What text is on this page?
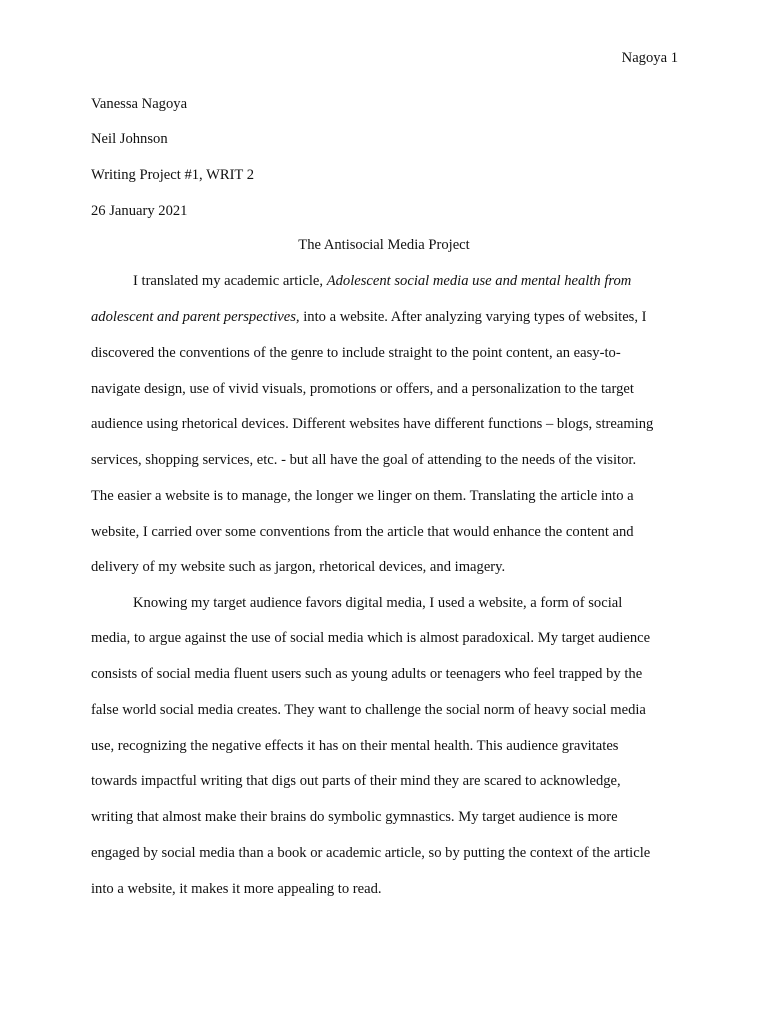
Nagoya 1
Vanessa Nagoya
Neil Johnson
Writing Project #1, WRIT 2
26 January 2021
The Antisocial Media Project
I translated my academic article, Adolescent social media use and mental health from
adolescent and parent perspectives, into a website. After analyzing varying types of websites, I
discovered the conventions of the genre to include straight to the point content, an easy-to-
navigate design, use of vivid visuals, promotions or offers, and a personalization to the target
audience using rhetorical devices. Different websites have different functions – blogs, streaming
services, shopping services, etc. - but all have the goal of attending to the needs of the visitor.
The easier a website is to manage, the longer we linger on them. Translating the article into a
website, I carried over some conventions from the article that would enhance the content and
delivery of my website such as jargon, rhetorical devices, and imagery.
Knowing my target audience favors digital media, I used a website, a form of social
media, to argue against the use of social media which is almost paradoxical. My target audience
consists of social media fluent users such as young adults or teenagers who feel trapped by the
false world social media creates. They want to challenge the social norm of heavy social media
use, recognizing the negative effects it has on their mental health. This audience gravitates
towards impactful writing that digs out parts of their mind they are scared to acknowledge,
writing that almost make their brains do symbolic gymnastics. My target audience is more
engaged by social media than a book or academic article, so by putting the context of the article
into a website, it makes it more appealing to read.
